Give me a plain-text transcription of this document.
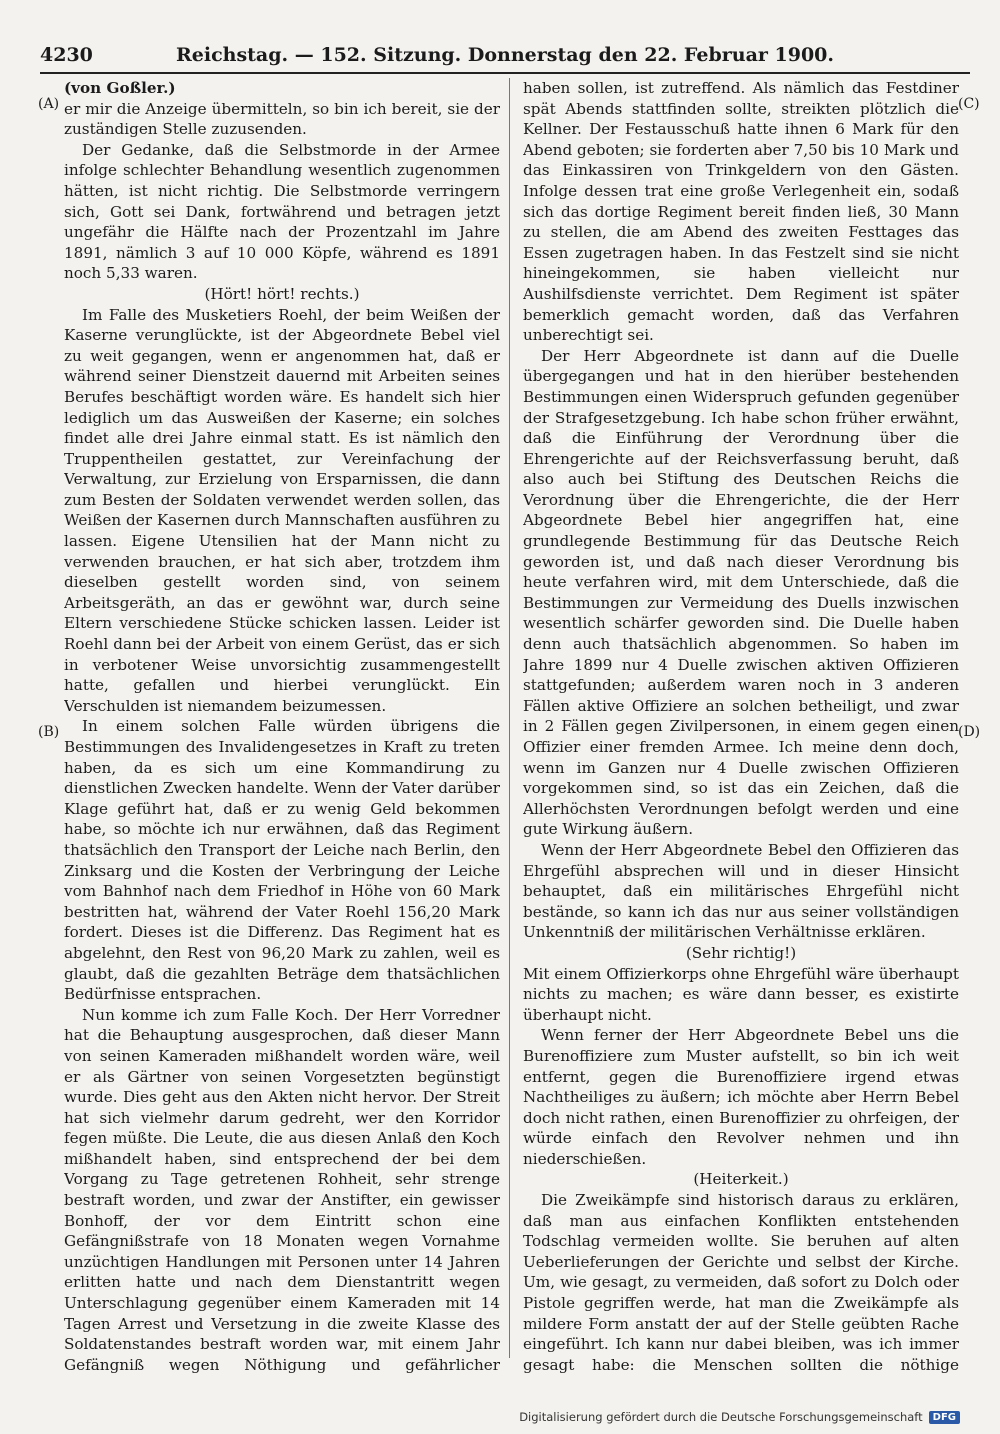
4230	Reichstag. — 152. Sitzung. Donnerstag den 22. Februar 1900.
(A)
(B)
(C)
(D)

(von Goßler.)

er mir die Anzeige übermitteln, so bin ich bereit, sie der zuständigen Stelle zuzusenden.

Der Gedanke, daß die Selbstmorde in der Armee infolge schlechter Behandlung wesentlich zugenommen hätten, ist nicht richtig. Die Selbstmorde verringern sich, Gott sei Dank, fortwährend und betragen jetzt ungefähr die Hälfte nach der Prozentzahl im Jahre 1891, nämlich 3 auf 10 000 Köpfe, während es 1891 noch 5,33 waren.

(Hört! hört! rechts.)

Im Falle des Musketiers Roehl, der beim Weißen der Kaserne verunglückte, ist der Abgeordnete Bebel viel zu weit gegangen, wenn er angenommen hat, daß er während seiner Dienstzeit dauernd mit Arbeiten seines Berufes beschäftigt worden wäre. Es handelt sich hier lediglich um das Ausweißen der Kaserne; ein solches findet alle drei Jahre einmal statt. Es ist nämlich den Truppentheilen gestattet, zur Vereinfachung der Verwaltung, zur Erzielung von Ersparnissen, die dann zum Besten der Soldaten verwendet werden sollen, das Weißen der Kasernen durch Mannschaften ausführen zu lassen. Eigene Utensilien hat der Mann nicht zu verwenden brauchen, er hat sich aber, trotzdem ihm dieselben gestellt worden sind, von seinem Arbeitsgeräth, an das er gewöhnt war, durch seine Eltern verschiedene Stücke schicken lassen. Leider ist Roehl dann bei der Arbeit von einem Gerüst, das er sich in verbotener Weise unvorsichtig zusammengestellt hatte, gefallen und hierbei verunglückt. Ein Verschulden ist niemandem beizumessen.

In einem solchen Falle würden übrigens die Bestimmungen des Invalidengesetzes in Kraft zu treten haben, da es sich um eine Kommandirung zu dienstlichen Zwecken handelte. Wenn der Vater darüber Klage geführt hat, daß er zu wenig Geld bekommen habe, so möchte ich nur erwähnen, daß das Regiment thatsächlich den Transport der Leiche nach Berlin, den Zinksarg und die Kosten der Verbringung der Leiche vom Bahnhof nach dem Friedhof in Höhe von 60 Mark bestritten hat, während der Vater Roehl 156,20 Mark fordert. Dieses ist die Differenz. Das Regiment hat es abgelehnt, den Rest von 96,20 Mark zu zahlen, weil es glaubt, daß die gezahlten Beträge dem thatsächlichen Bedürfnisse entsprachen.

Nun komme ich zum Falle Koch. Der Herr Vorredner hat die Behauptung ausgesprochen, daß dieser Mann von seinen Kameraden mißhandelt worden wäre, weil er als Gärtner von seinen Vorgesetzten begünstigt wurde. Dies geht aus den Akten nicht hervor. Der Streit hat sich vielmehr darum gedreht, wer den Korridor fegen müßte. Die Leute, die aus diesen Anlaß den Koch mißhandelt haben, sind entsprechend der bei dem Vorgang zu Tage getretenen Rohheit, sehr strenge bestraft worden, und zwar der Anstifter, ein gewisser Bonhoff, der vor dem Eintritt schon eine Gefängnißstrafe von 18 Monaten wegen Vornahme unzüchtigen Handlungen mit Personen unter 14 Jahren erlitten hatte und nach dem Dienstantritt wegen Unterschlagung gegenüber einem Kameraden mit 14 Tagen Arrest und Versetzung in die zweite Klasse des Soldatenstandes bestraft worden war, mit einem Jahr Gefängniß wegen Nöthigung und gefährlicher

haben sollen, ist zutreffend. Als nämlich das Festdiner spät Abends stattfinden sollte, streikten plötzlich die Kellner. Der Festausschuß hatte ihnen 6 Mark für den Abend geboten; sie forderten aber 7,50 bis 10 Mark und das Einkassiren von Trinkgeldern von den Gästen. Infolge dessen trat eine große Verlegenheit ein, sodaß sich das dortige Regiment bereit finden ließ, 30 Mann zu stellen, die am Abend des zweiten Festtages das Essen zugetragen haben. In das Festzelt sind sie nicht hineingekommen, sie haben vielleicht nur Aushilfsdienste verrichtet. Dem Regiment ist später bemerklich gemacht worden, daß das Verfahren unberechtigt sei.

Der Herr Abgeordnete ist dann auf die Duelle übergegangen und hat in den hierüber bestehenden Bestimmungen einen Widerspruch gefunden gegenüber der Strafgesetzgebung. Ich habe schon früher erwähnt, daß die Einführung der Verordnung über die Ehrengerichte auf der Reichsverfassung beruht, daß also auch bei Stiftung des Deutschen Reichs die Verordnung über die Ehrengerichte, die der Herr Abgeordnete Bebel hier angegriffen hat, eine grundlegende Bestimmung für das Deutsche Reich geworden ist, und daß nach dieser Verordnung bis heute verfahren wird, mit dem Unterschiede, daß die Bestimmungen zur Vermeidung des Duells inzwischen wesentlich schärfer geworden sind. Die Duelle haben denn auch thatsächlich abgenommen. So haben im Jahre 1899 nur 4 Duelle zwischen aktiven Offizieren stattgefunden; außerdem waren noch in 3 anderen Fällen aktive Offiziere an solchen betheiligt, und zwar in 2 Fällen gegen Zivilpersonen, in einem gegen einen Offizier einer fremden Armee. Ich meine denn doch, wenn im Ganzen nur 4 Duelle zwischen Offizieren vorgekommen sind, so ist das ein Zeichen, daß die Allerhöchsten Verordnungen befolgt werden und eine gute Wirkung äußern.

Wenn der Herr Abgeordnete Bebel den Offizieren das Ehrgefühl absprechen will und in dieser Hinsicht behauptet, daß ein militärisches Ehrgefühl nicht bestände, so kann ich das nur aus seiner vollständigen Unkenntniß der militärischen Verhältnisse erklären.

(Sehr richtig!)

Mit einem Offizierkorps ohne Ehrgefühl wäre überhaupt nichts zu machen; es wäre dann besser, es existirte überhaupt nicht.

Wenn ferner der Herr Abgeordnete Bebel uns die Burenoffiziere zum Muster aufstellt, so bin ich weit entfernt, gegen die Burenoffiziere irgend etwas Nachtheiliges zu äußern; ich möchte aber Herrn Bebel doch nicht rathen, einen Burenoffizier zu ohrfeigen, der würde einfach den Revolver nehmen und ihn niederschießen.

(Heiterkeit.)

Die Zweikämpfe sind historisch daraus zu erklären, daß man aus einfachen Konflikten entstehenden Todschlag vermeiden wollte. Sie beruhen auf alten Ueberlieferungen der Gerichte und selbst der Kirche. Um, wie gesagt, zu vermeiden, daß sofort zu Dolch oder Pistole gegriffen werde, hat man die Zweikämpfe als mildere Form anstatt der auf der Stelle geübten Rache eingeführt. Ich kann nur dabei bleiben, was ich immer gesagt habe: die Menschen sollten die nöthige

Digitalisierung gefördert durch die Deutsche Forschungsgemeinschaft	DFG
